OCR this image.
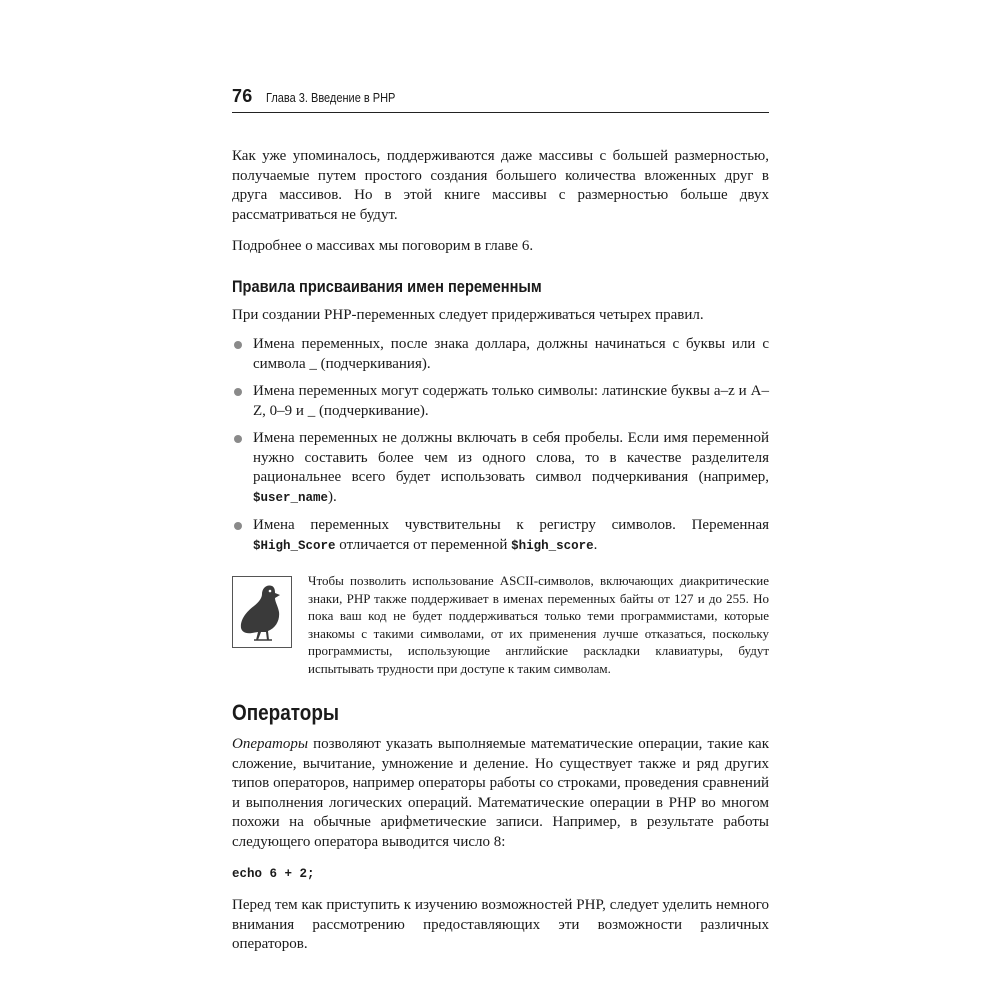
76 Глава 3. Введение в PHP

Как уже упоминалось, поддерживаются даже массивы с большей размерностью, получаемые путем простого создания большего количества вложенных друг в друга массивов. Но в этой книге массивы с размерностью больше двух рассматриваться не будут.

Подробнее о массивах мы поговорим в главе 6.

Правила присваивания имен переменным

При создании PHP-переменных следует придерживаться четырех правил.

Имена переменных, после знака доллара, должны начинаться с буквы или с символа _ (подчеркивания).
Имена переменных могут содержать только символы: латинские буквы a–z и A–Z, 0–9 и _ (подчеркивание).
Имена переменных не должны включать в себя пробелы. Если имя переменной нужно составить более чем из одного слова, то в качестве разделителя рациональнее всего будет использовать символ подчеркивания (например, $user_name).
Имена переменных чувствительны к регистру символов. Переменная $High_Score отличается от переменной $high_score.
Чтобы позволить использование ASCII-символов, включающих диакритические знаки, PHP также поддерживает в именах переменных байты от 127 и до 255. Но пока ваш код не будет поддерживаться только теми программистами, которые знакомы с такими символами, от их применения лучше отказаться, поскольку программисты, использующие английские раскладки клавиатуры, будут испытывать трудности при доступе к таким символам.
Операторы

Операторы позволяют указать выполняемые математические операции, такие как сложение, вычитание, умножение и деление. Но существует также и ряд других типов операторов, например операторы работы со строками, проведения сравнений и выполнения логических операций. Математические операции в PHP во многом похожи на обычные арифметические записи. Например, в результате работы следующего оператора выводится число 8:

echo 6 + 2;

Перед тем как приступить к изучению возможностей PHP, следует уделить немного внимания рассмотрению предоставляющих эти возможности различных операторов.
